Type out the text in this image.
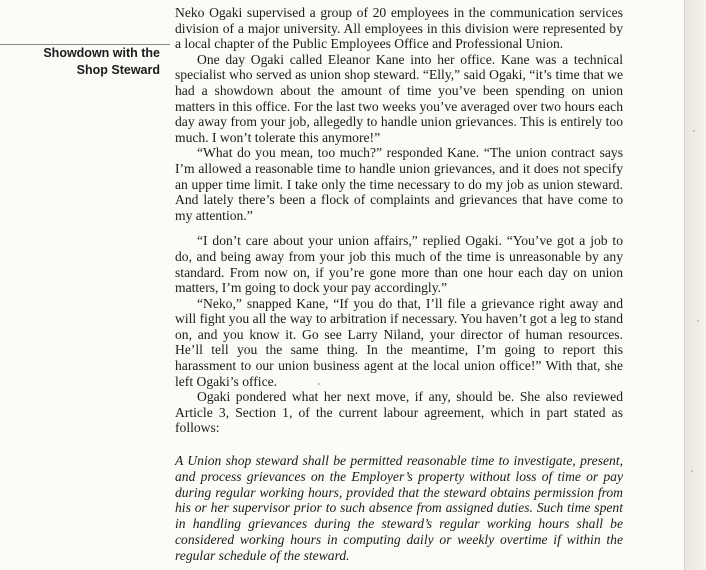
Showdown with the
Shop Steward

Neko Ogaki supervised a group of 20 employees in the communication services division of a major university. All employees in this division were represented by a local chapter of the Public Employees Office and Professional Union.

One day Ogaki called Eleanor Kane into her office. Kane was a technical specialist who served as union shop steward. “Elly,” said Ogaki, “it’s time that we had a showdown about the amount of time you’ve been spending on union matters in this office. For the last two weeks you’ve averaged over two hours each day away from your job, allegedly to handle union grievances. This is entirely too much. I won’t tolerate this anymore!”

“What do you mean, too much?” responded Kane. “The union contract says I’m allowed a reasonable time to handle union grievances, and it does not specify an upper time limit. I take only the time necessary to do my job as union steward. And lately there’s been a flock of complaints and grievances that have come to my attention.”

“I don’t care about your union affairs,” replied Ogaki. “You’ve got a job to do, and being away from your job this much of the time is unreasonable by any standard. From now on, if you’re gone more than one hour each day on union matters, I’m going to dock your pay accordingly.”

“Neko,” snapped Kane, “If you do that, I’ll file a grievance right away and will fight you all the way to arbitration if necessary. You haven’t got a leg to stand on, and you know it. Go see Larry Niland, your director of human resources. He’ll tell you the same thing. In the meantime, I’m going to report this harassment to our union business agent at the local union office!” With that, she left Ogaki’s office.

Ogaki pondered what her next move, if any, should be. She also reviewed Article 3, Section 1, of the current labour agreement, which in part stated as follows:

A Union shop steward shall be permitted reasonable time to investigate, present, and process grievances on the Employer’s property without loss of time or pay during regular working hours, provided that the steward obtains permission from his or her supervisor prior to such absence from assigned duties. Such time spent in handling grievances during the steward’s regular working hours shall be considered working hours in computing daily or weekly overtime if within the regular schedule of the steward.
